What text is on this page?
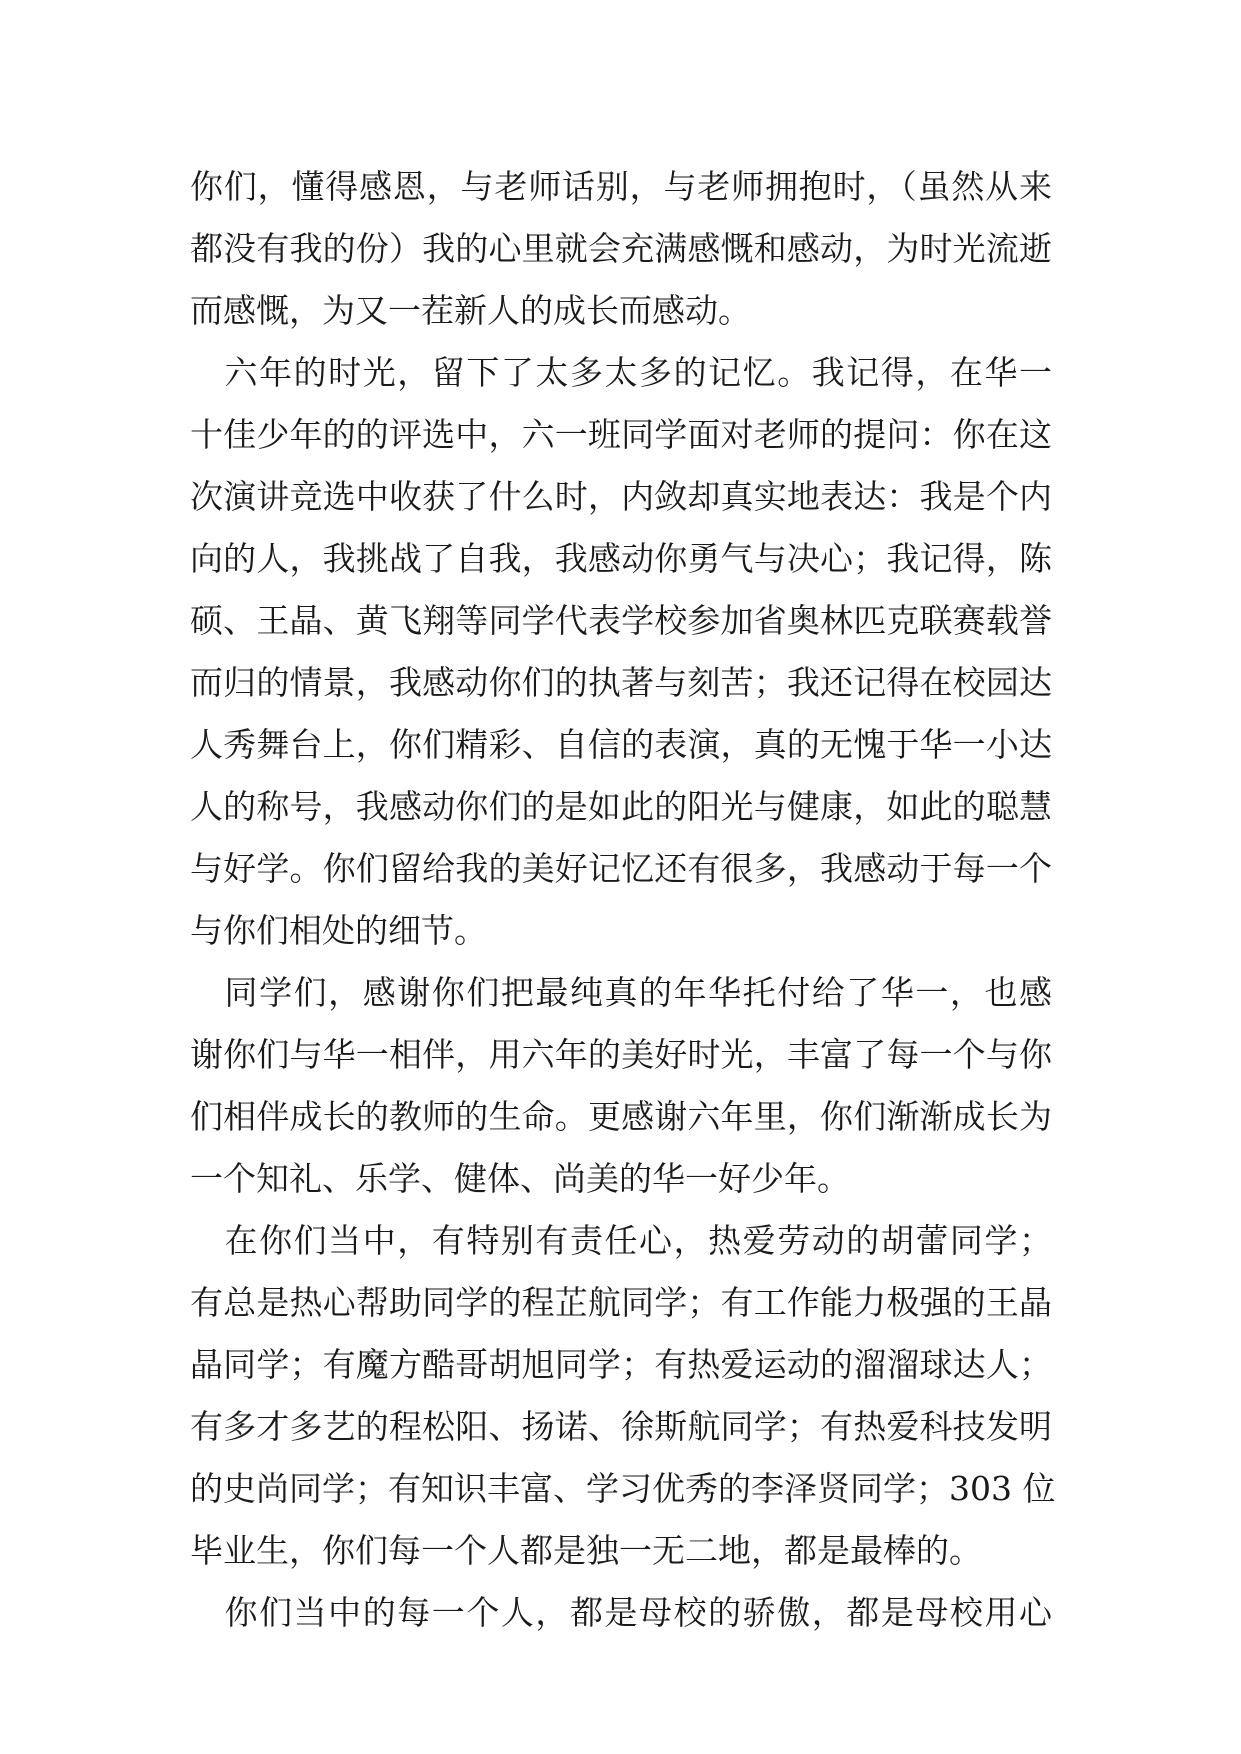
你们，懂得感恩，与老师话别，与老师拥抱时，（虽然从来
都没有我的份）我的心里就会充满感慨和感动，为时光流逝
而感慨，为又一茬新人的成长而感动。
　六年的时光，留下了太多太多的记忆。我记得，在华一
十佳少年的的评选中，六一班同学面对老师的提问：你在这
次演讲竞选中收获了什么时，内敛却真实地表达：我是个内
向的人，我挑战了自我，我感动你勇气与决心；我记得，陈
硕、王晶、黄飞翔等同学代表学校参加省奥林匹克联赛载誉
而归的情景，我感动你们的执著与刻苦；我还记得在校园达
人秀舞台上，你们精彩、自信的表演，真的无愧于华一小达
人的称号，我感动你们的是如此的阳光与健康，如此的聪慧
与好学。你们留给我的美好记忆还有很多，我感动于每一个
与你们相处的细节。
　同学们，感谢你们把最纯真的年华托付给了华一，也感
谢你们与华一相伴，用六年的美好时光，丰富了每一个与你
们相伴成长的教师的生命。更感谢六年里，你们渐渐成长为
一个知礼、乐学、健体、尚美的华一好少年。
　在你们当中，有特别有责任心，热爱劳动的胡蕾同学；
有总是热心帮助同学的程芷航同学；有工作能力极强的王晶
晶同学；有魔方酷哥胡旭同学；有热爱运动的溜溜球达人；
有多才多艺的程松阳、扬诺、徐斯航同学；有热爱科技发明
的史尚同学；有知识丰富、学习优秀的李泽贤同学；303 位
毕业生，你们每一个人都是独一无二地，都是最棒的。
　你们当中的每一个人，都是母校的骄傲，都是母校用心
